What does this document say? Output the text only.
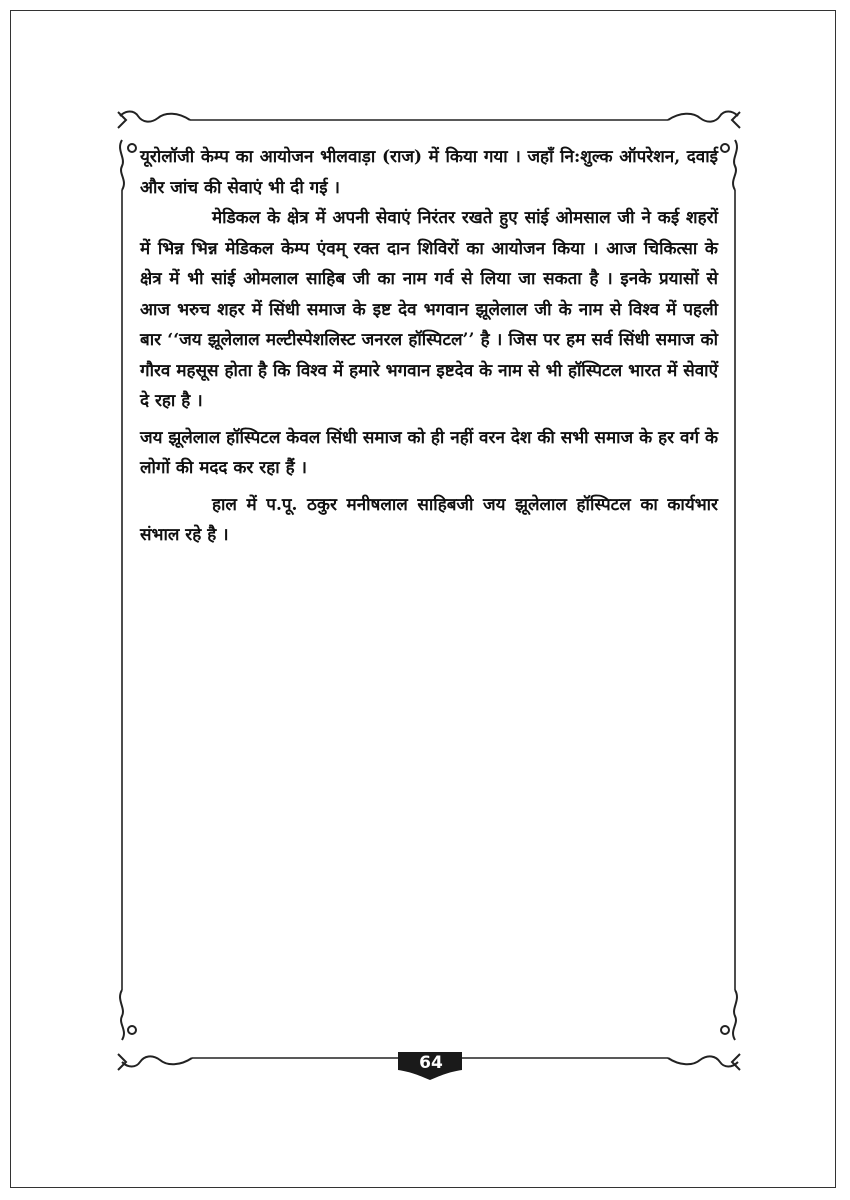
यूरोलॉजी केम्प का आयोजन भीलवाड़ा (राज) में किया गया । जहाँ नि:शुल्क ऑपरेशन, दवाई और जांच की सेवाएं भी दी गई ।

मेडिकल के क्षेत्र में अपनी सेवाएं निरंतर रखते हुए सांई ओमसाल जी ने कई शहरों में भिन्न भिन्न मेडिकल केम्प एंवम् रक्त दान शिविरों का आयोजन किया । आज चिकित्सा के क्षेत्र में भी सांई ओमलाल साहिब जी का नाम गर्व से लिया जा सकता है । इनके प्रयासों से आज भरुच शहर में सिंधी समाज के इष्ट देव भगवान झूलेलाल जी के नाम से विश्व में पहली बार ‘‘जय झूलेलाल मल्टीस्पेशलिस्ट जनरल हॉस्पिटल’’ है । जिस पर हम सर्व सिंधी समाज को गौरव महसूस होता है कि विश्व में हमारे भगवान इष्टदेव के नाम से भी हॉस्पिटल भारत में सेवाऐं दे रहा है ।

जय झूलेलाल हॉस्पिटल केवल सिंधी समाज को ही नहीं वरन देश की सभी समाज के हर वर्ग के लोगों की मदद कर रहा हैं ।

हाल में प.पू. ठकुर मनीषलाल साहिबजी जय झूलेलाल हॉस्पिटल का कार्यभार संभाल रहे है ।

64
